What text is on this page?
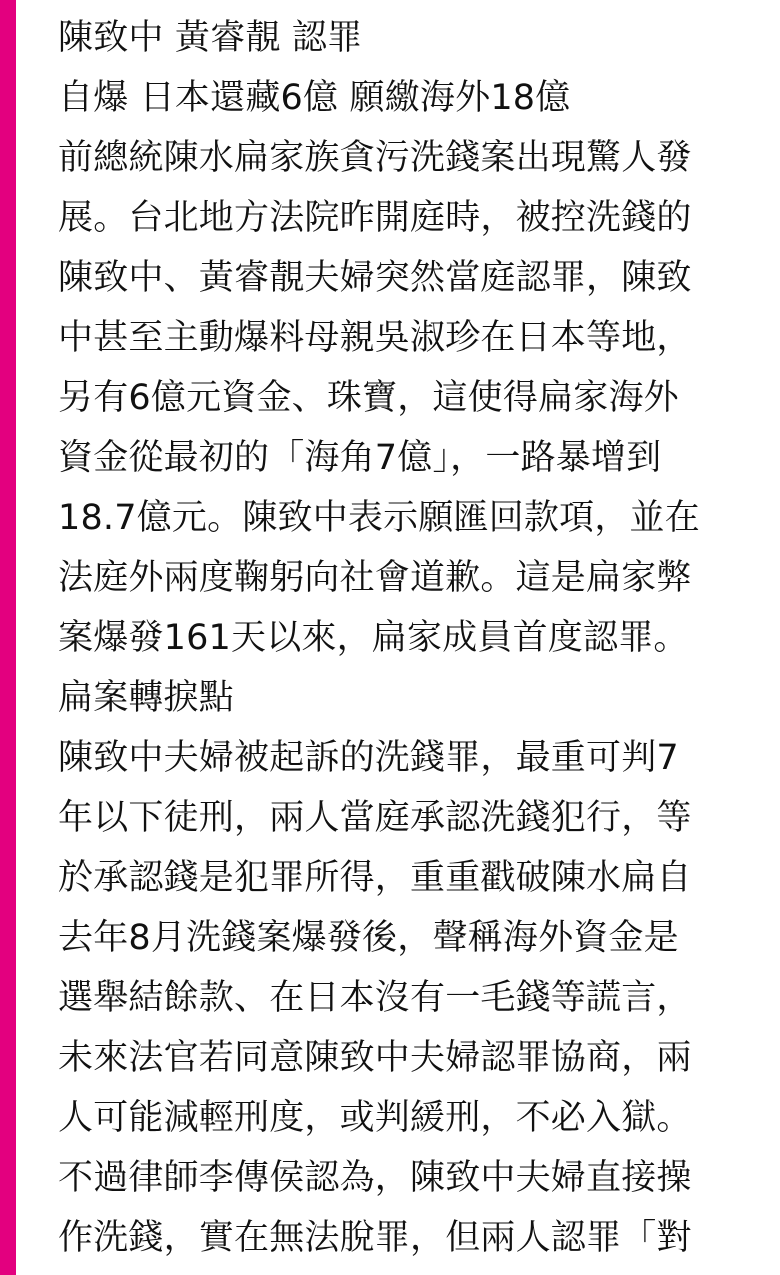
陳致中 黃睿靚 認罪
自爆 日本還藏6億 願繳海外18億
前總統陳水扁家族貪污洗錢案出現驚人發
展。台北地方法院昨開庭時，被控洗錢的
陳致中、黃睿靚夫婦突然當庭認罪，陳致
中甚至主動爆料母親吳淑珍在日本等地，
另有6億元資金、珠寶，這使得扁家海外
資金從最初的「海角7億」，一路暴增到
18.7億元。陳致中表示願匯回款項，並在
法庭外兩度鞠躬向社會道歉。這是扁家弊
案爆發161天以來，扁家成員首度認罪。
扁案轉捩點
陳致中夫婦被起訴的洗錢罪，最重可判7
年以下徒刑，兩人當庭承認洗錢犯行，等
於承認錢是犯罪所得，重重戳破陳水扁自
去年8月洗錢案爆發後，聲稱海外資金是
選舉結餘款、在日本沒有一毛錢等謊言，
未來法官若同意陳致中夫婦認罪協商，兩
人可能減輕刑度，或判緩刑，不必入獄。
不過律師李傳侯認為，陳致中夫婦直接操
作洗錢，實在無法脫罪，但兩人認罪「對
